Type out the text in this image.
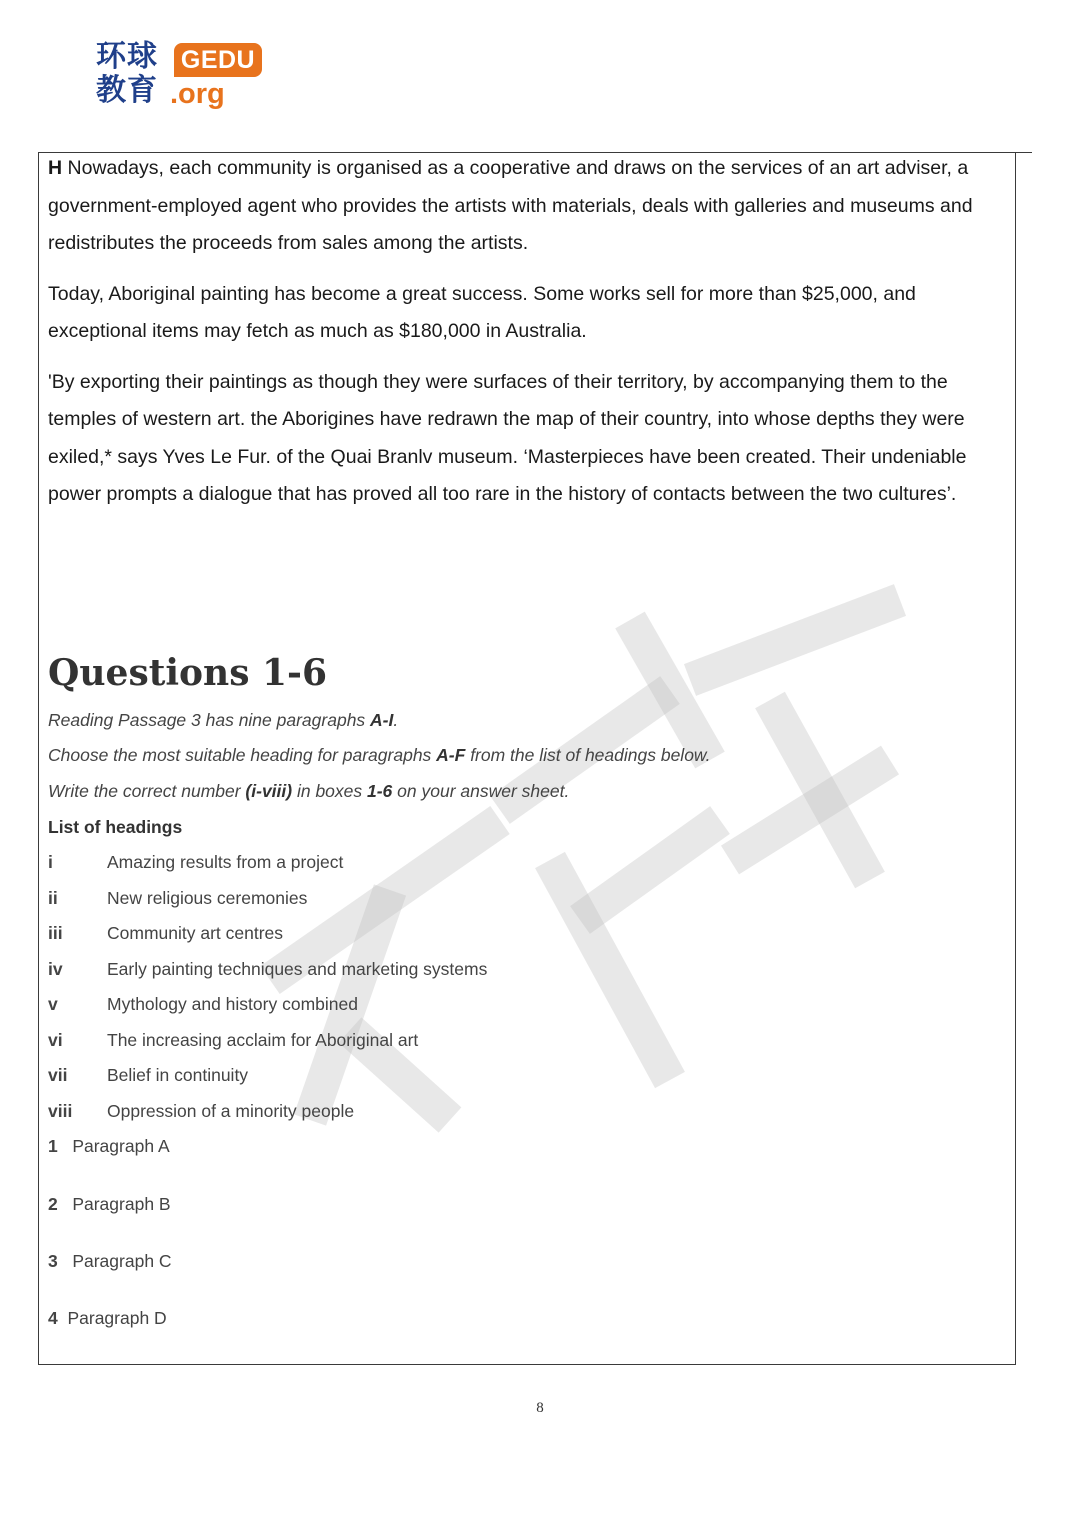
环球
教育
GEDU
.org

H Nowadays, each community is organised as a cooperative and draws on the services of an art adviser, a government-employed agent who provides the artists with materials, deals with galleries and museums and redistributes the proceeds from sales among the artists.

Today, Aboriginal painting has become a great success. Some works sell for more than $25,000, and exceptional items may fetch as much as $180,000 in Australia.

'By exporting their paintings as though they were surfaces of their territory, by accompanying them to the temples of western art. the Aborigines have redrawn the map of their country, into whose depths they were exiled,* says Yves Le Fur. of the Quai Branlv museum. ‘Masterpieces have been created. Their undeniable power prompts a dialogue that has proved all too rare in the history of contacts between the two cultures’.

Questions 1-6
Reading Passage 3 has nine paragraphs A-I.
Choose the most suitable heading for paragraphs A-F from the list of headings below.
Write the correct number (i-viii) in boxes 1-6 on your answer sheet.
List of headings
i	Amazing results from a project
ii	New religious ceremonies
iii	Community art centres
iv	Early painting techniques and marketing systems
v	Mythology and history combined
vi	The increasing acclaim for Aboriginal art
vii Belief in continuity
viii Oppression of a minority people
1 Paragraph A
2 Paragraph B
3 Paragraph C
4 Paragraph D
8
